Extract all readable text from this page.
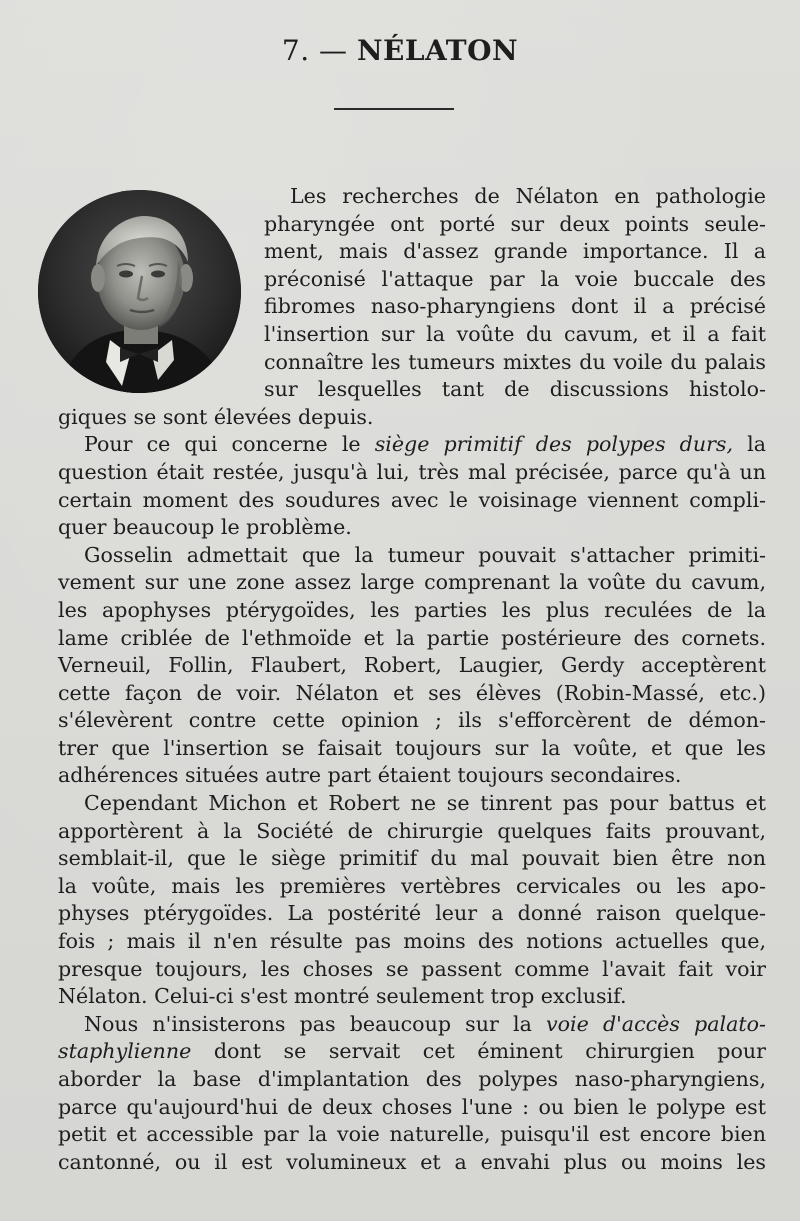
7. — NÉLATON
Les recherches de Nélaton en pathologie
pharyngée ont porté sur deux points seule-
ment, mais d'assez grande importance. Il a
préconisé l'attaque par la voie buccale des
fibromes naso-pharyngiens dont il a précisé
l'insertion sur la voûte du cavum, et il a fait
connaître les tumeurs mixtes du voile du palais
sur lesquelles tant de discussions histolo-
giques se sont élevées depuis.
Pour ce qui concerne le siège primitif des polypes durs, la
question était restée, jusqu'à lui, très mal précisée, parce qu'à un
certain moment des soudures avec le voisinage viennent compli-
quer beaucoup le problème.
Gosselin admettait que la tumeur pouvait s'attacher primiti-
vement sur une zone assez large comprenant la voûte du cavum,
les apophyses ptérygoïdes, les parties les plus reculées de la
lame criblée de l'ethmoïde et la partie postérieure des cornets.
Verneuil, Follin, Flaubert, Robert, Laugier, Gerdy acceptèrent
cette façon de voir. Nélaton et ses élèves (Robin-Massé, etc.)
s'élevèrent contre cette opinion ; ils s'efforcèrent de démon-
trer que l'insertion se faisait toujours sur la voûte, et que les
adhérences situées autre part étaient toujours secondaires.
Cependant Michon et Robert ne se tinrent pas pour battus et
apportèrent à la Société de chirurgie quelques faits prouvant,
semblait-il, que le siège primitif du mal pouvait bien être non
la voûte, mais les premières vertèbres cervicales ou les apo-
physes ptérygoïdes. La postérité leur a donné raison quelque-
fois ; mais il n'en résulte pas moins des notions actuelles que,
presque toujours, les choses se passent comme l'avait fait voir
Nélaton. Celui-ci s'est montré seulement trop exclusif.
Nous n'insisterons pas beaucoup sur la voie d'accès palato-
staphylienne dont se servait cet éminent chirurgien pour
aborder la base d'implantation des polypes naso-pharyngiens,
parce qu'aujourd'hui de deux choses l'une : ou bien le polype est
petit et accessible par la voie naturelle, puisqu'il est encore bien
cantonné, ou il est volumineux et a envahi plus ou moins les
